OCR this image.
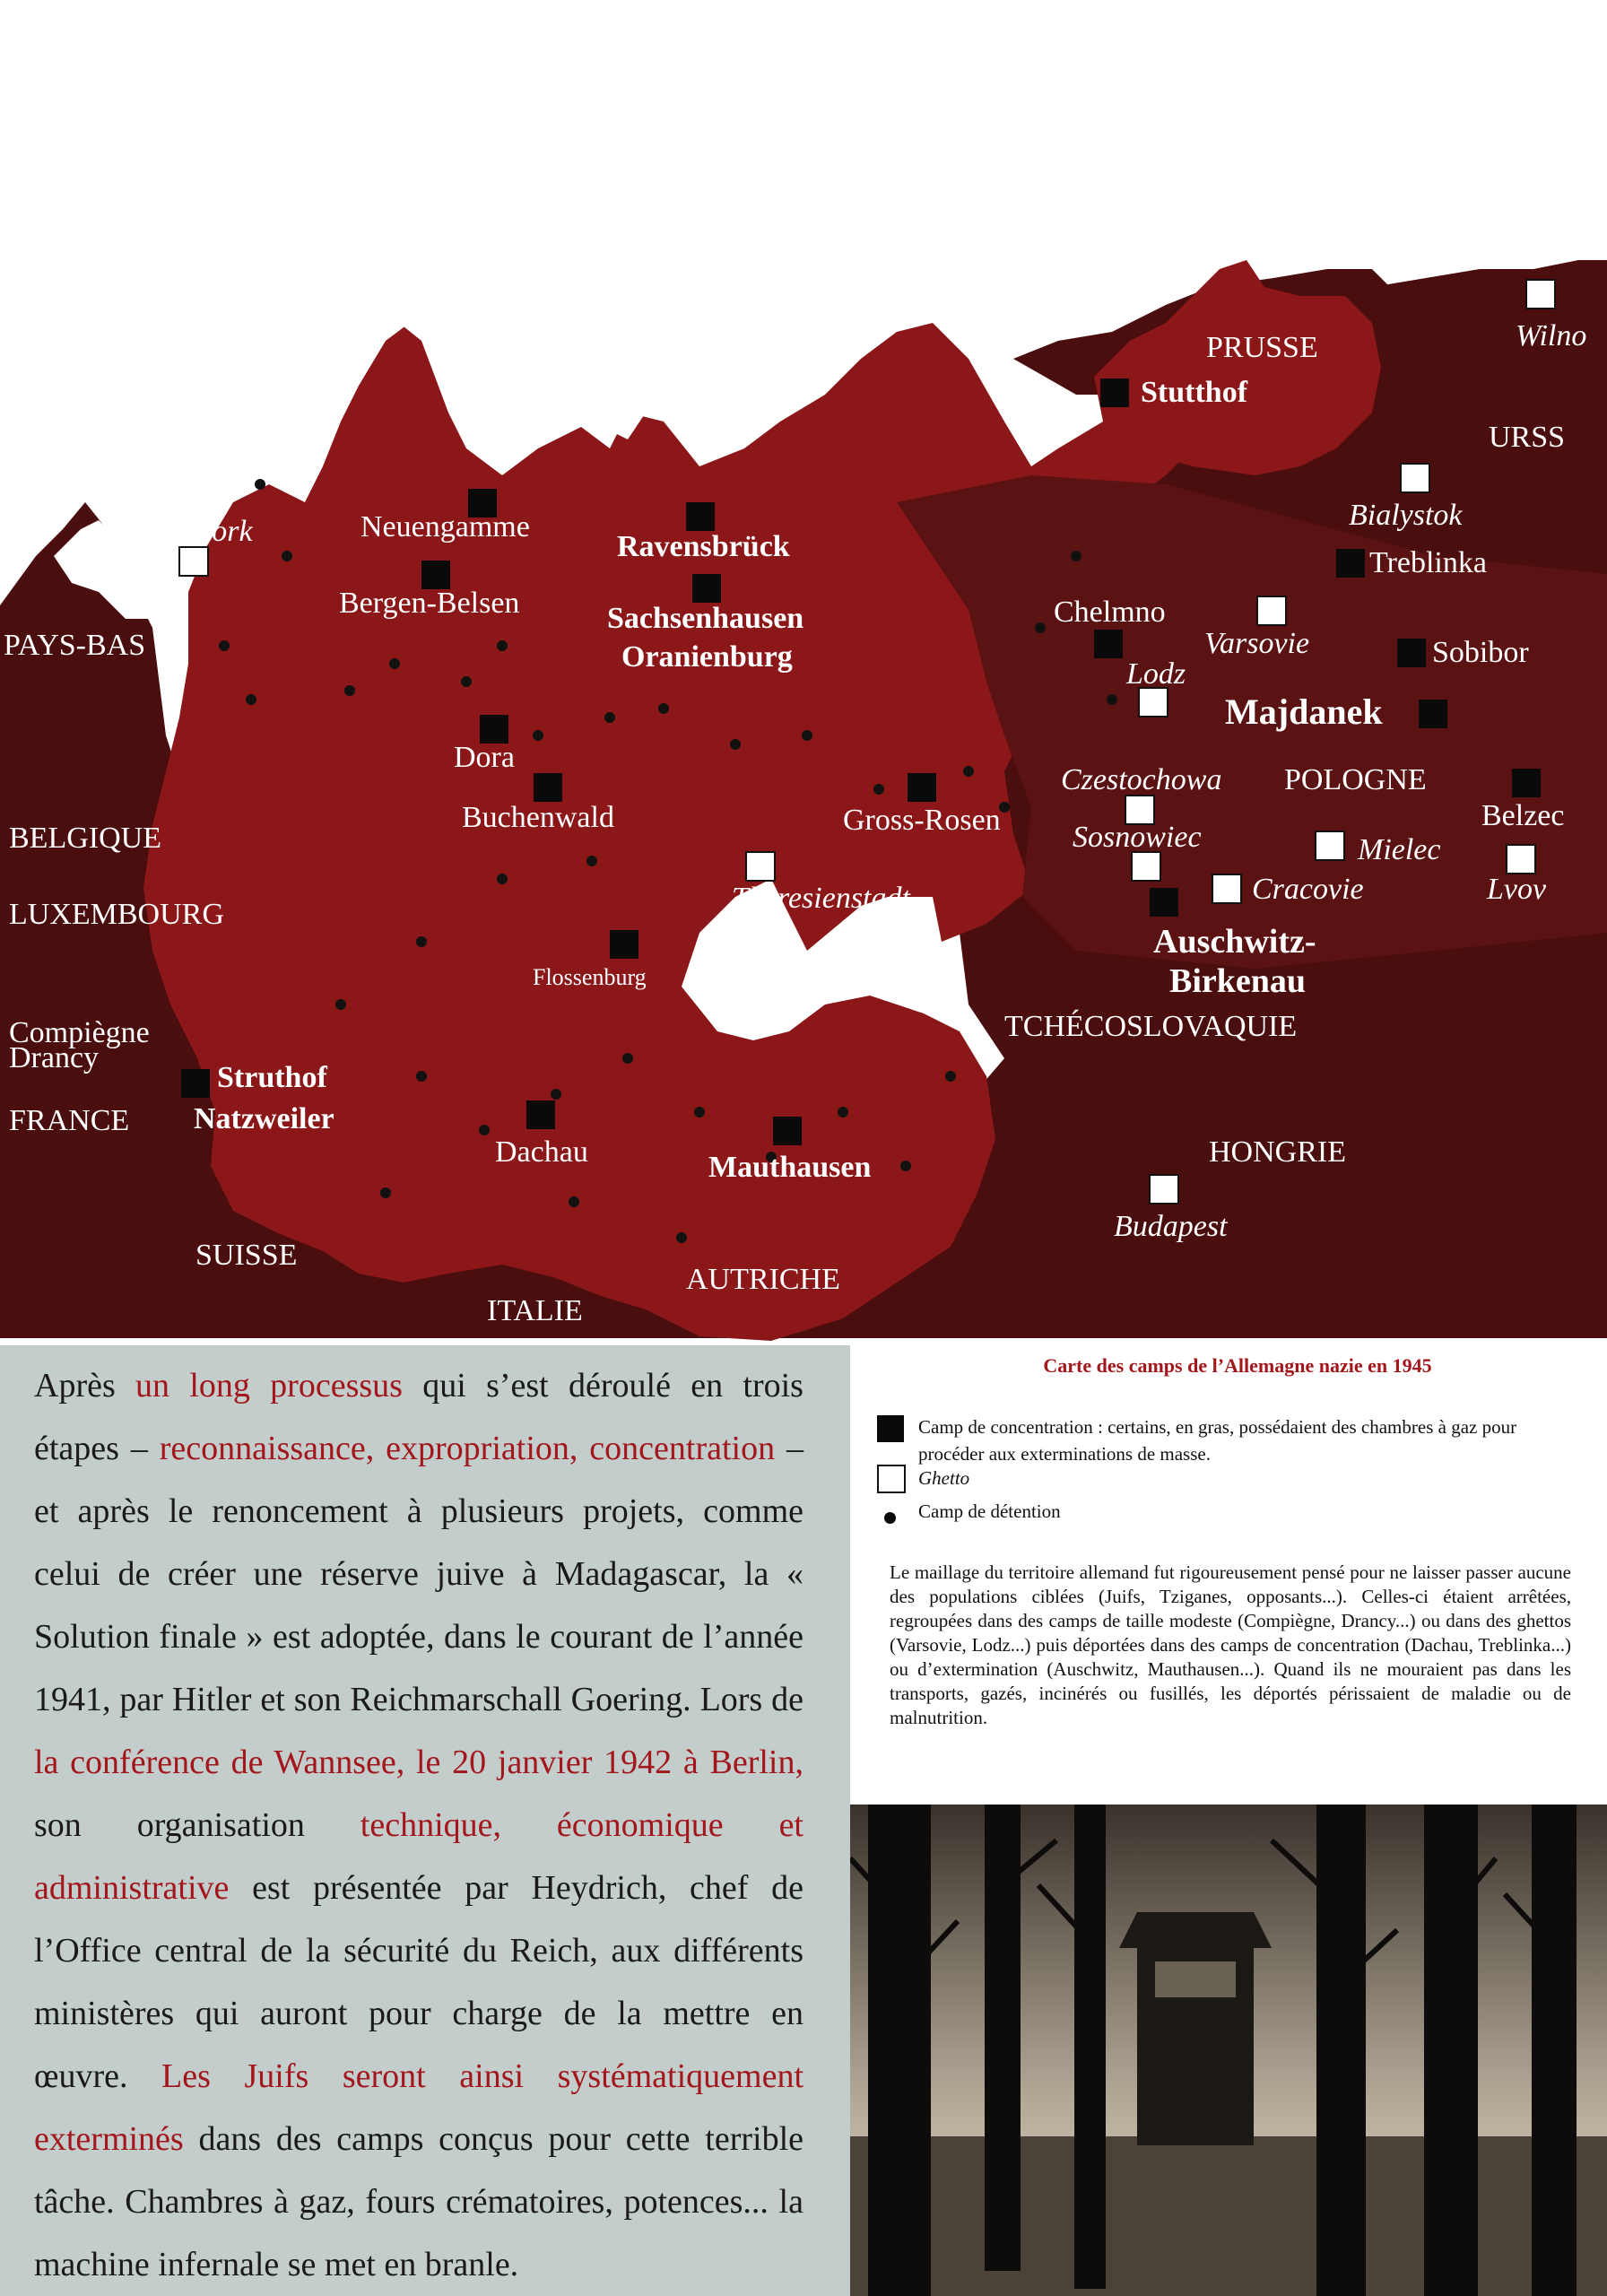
PAYS-BAS
BELGIQUE
LUXEMBOURG
FRANCE
SUISSE
ITALIE
AUTRICHE
TCHÉCOSLOVAQUIE
HONGRIE
POLOGNE
URSS
PRUSSE
Westerbork	Neuengamme
Bergen-Belsen
Ravensbrück
Sachsenhausen
Oranienburg
Stutthof
Wilno
Bialystok
Treblinka
Chelmno
Varsovie
Lodz
Sobibor
Majdanek
Dora
Buchenwald	Gross-Rosen
Czestochowa
Sosnowiec	Mielec
Belzec
Lvov
Cracovie
Theresienstadt
Flossenburg
Auschwitz-
Birkenau
Compiègne
Drancy
Struthof
Natzweiler
Dachau	Mauthausen
Budapest

Après un long processus qui s’est déroulé en trois étapes – reconnaissance, expropriation, concentration – et après le renoncement à plusieurs projets, comme celui de créer une réserve juive à Madagascar, la « Solution finale » est adoptée, dans le courant de l’année 1941, par Hitler et son Reichmarschall Goering. Lors de la conférence de Wannsee, le 20 janvier 1942 à Berlin, son organisation technique, économique et administrative est présentée par Heydrich, chef de l’Office central de la sécurité du Reich, aux différents ministères qui auront pour charge de la mettre en œuvre. Les Juifs seront ainsi systématiquement exterminés dans des camps conçus pour cette terrible tâche. Chambres à gaz, fours crématoires, potences... la machine infernale se met en branle.

Carte des camps de l’Allemagne nazie en 1945

Camp de concentration : certains, en gras, possédaient des chambres à gaz pour procéder aux exterminations de masse.
Ghetto
Camp de détention

Le maillage du territoire allemand fut rigoureusement pensé pour ne laisser passer aucune des populations ciblées (Juifs, Tziganes, opposants...). Celles-ci étaient arrêtées, regroupées dans des camps de taille modeste (Compiègne, Drancy...) ou dans des ghettos (Varsovie, Lodz...) puis déportées dans des camps de concentration (Dachau, Treblinka...) ou d’extermination (Auschwitz, Mauthausen...). Quand ils ne mouraient pas dans les transports, gazés, incinérés ou fusillés, les déportés périssaient de maladie ou de malnutrition.
